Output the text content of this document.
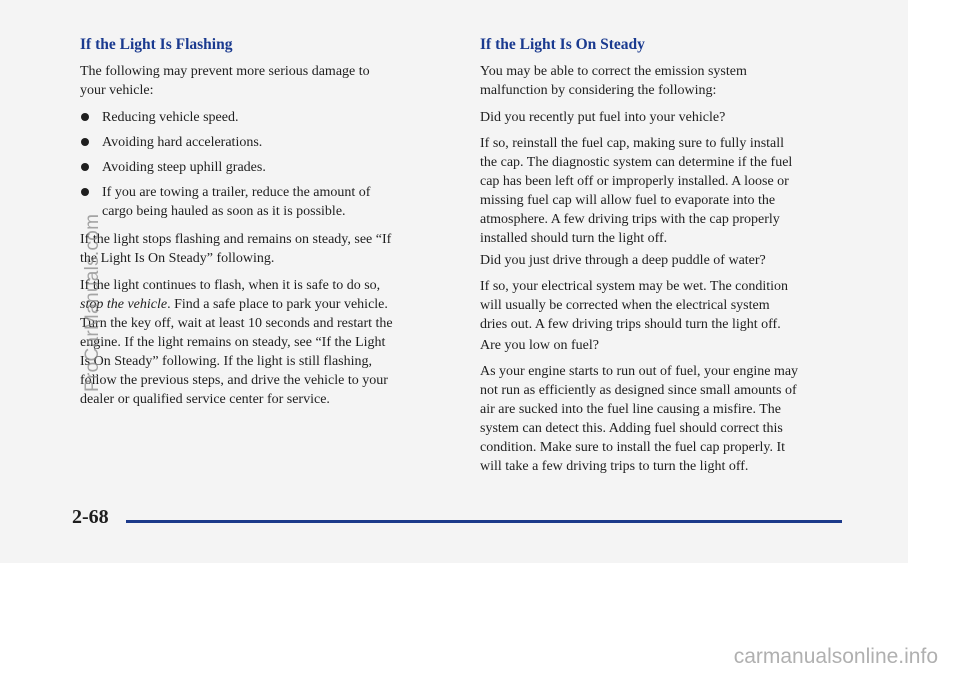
If the Light Is Flashing

The following may prevent more serious damage to
your vehicle:

Reducing vehicle speed.

Avoiding hard accelerations.

Avoiding steep uphill grades.

If you are towing a trailer, reduce the amount of
cargo being hauled as soon as it is possible.

If the light stops flashing and remains on steady, see “If
the Light Is On Steady” following.

If the light continues to flash, when it is safe to do so,
stop the vehicle. Find a safe place to park your vehicle.
Turn the key off, wait at least 10 seconds and restart the
engine. If the light remains on steady, see “If the Light
Is On Steady” following. If the light is still flashing,
follow the previous steps, and drive the vehicle to your
dealer or qualified service center for service.

If the Light Is On Steady

You may be able to correct the emission system
malfunction by considering the following:

Did you recently put fuel into your vehicle?

If so, reinstall the fuel cap, making sure to fully install
the cap. The diagnostic system can determine if the fuel
cap has been left off or improperly installed. A loose or
missing fuel cap will allow fuel to evaporate into the
atmosphere. A few driving trips with the cap properly
installed should turn the light off.

Did you just drive through a deep puddle of water?

If so, your electrical system may be wet. The condition
will usually be corrected when the electrical system
dries out. A few driving trips should turn the light off.

Are you low on fuel?

As your engine starts to run out of fuel, your engine may
not run as efficiently as designed since small amounts of
air are sucked into the fuel line causing a misfire. The
system can detect this. Adding fuel should correct this
condition. Make sure to install the fuel cap properly. It
will take a few driving trips to turn the light off.

2-68
ProCarManuals.com
carmanualsonline.info
